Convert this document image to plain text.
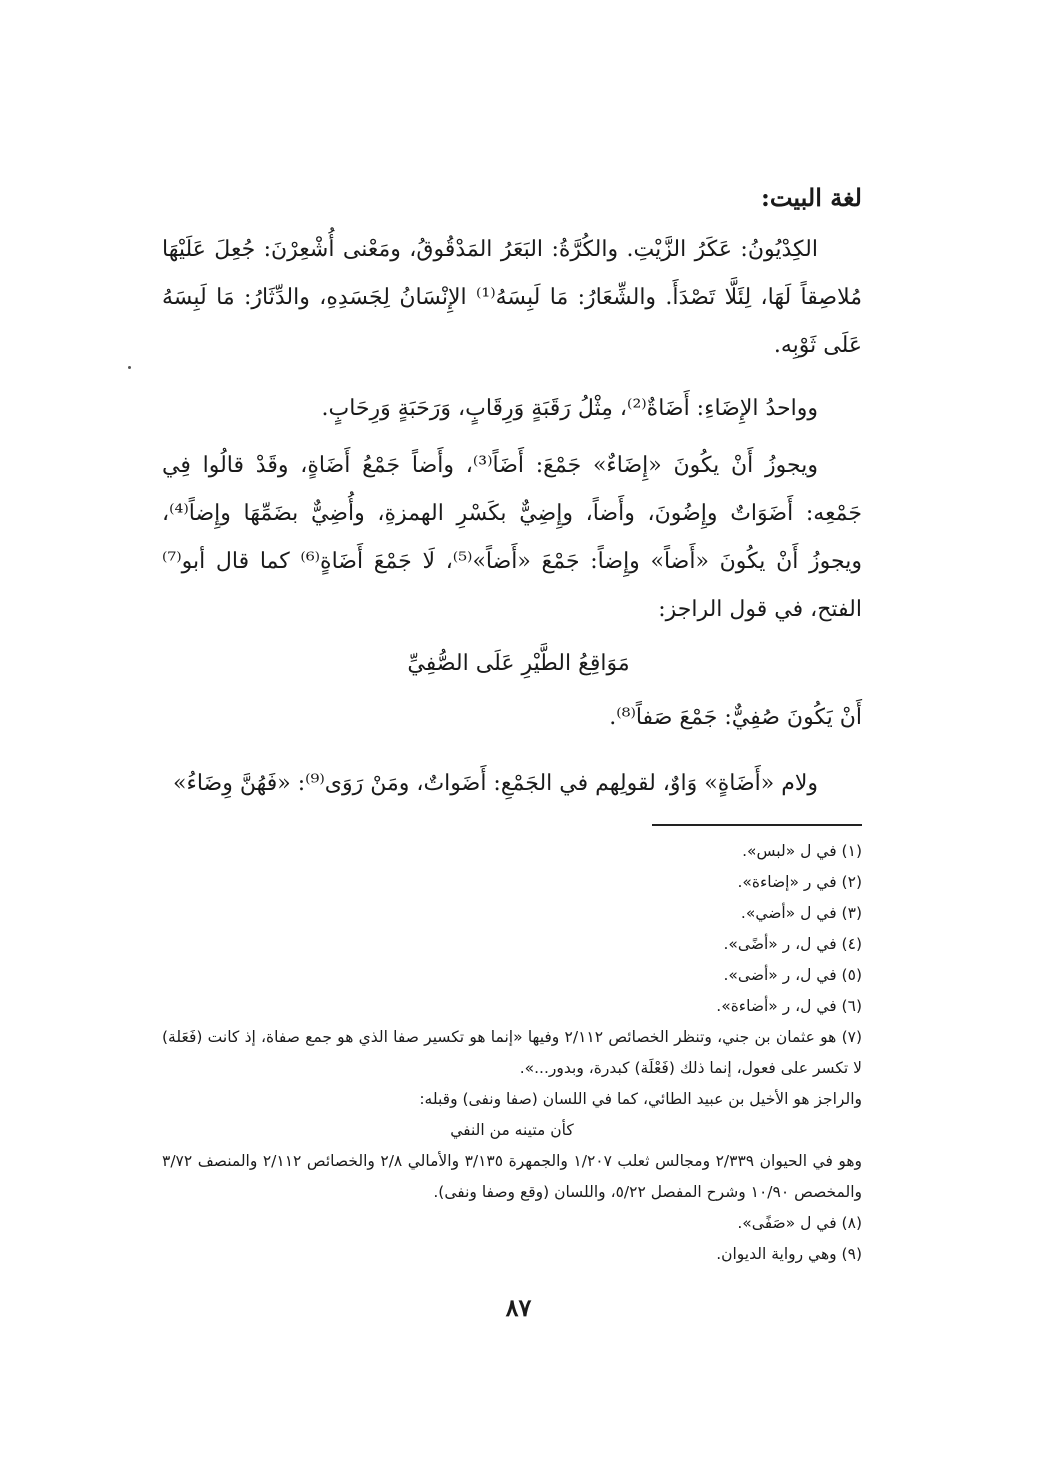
لغة البيت:

الكِدْيُونُ: عَكَرُ الزَّيْتِ. والكُرَّةُ: البَعَرُ المَدْقُوقُ، ومَعْنى أُشْعِرْنَ: جُعِلَ عَلَيْهَا مُلاصِقاً لَهَا، لِئَلَّا تَصْدَأَ. والشِّعَارُ: مَا لَبِسَهُ⁽¹⁾ الإِنْسَانُ لِجَسَدِهِ، والدِّثَارُ: مَا لَبِسَهُ عَلَى ثَوْبِه.

وواحدُ الإِضَاءِ: أَضَاةٌ⁽²⁾، مِثْلُ رَقَبَةٍ وَرِقَابٍ، وَرَحَبَةٍ وَرِحَابٍ.

ويجوزُ أَنْ يكُونَ «إِضَاءٌ» جَمْعَ: أَضَاً⁽³⁾، وأَضاً جَمْعُ أَضَاةٍ، وقَدْ قالُوا فِي جَمْعِه: أَضَوَاتٌ وإِضُونَ، وأَضاً، وإِضِيٌّ بكَسْرِ الهمزةِ، وأُضِيٌّ بضَمِّهَا وإِضاً⁽⁴⁾، ويجوزُ أَنْ يكُونَ «أَضاً» وإِضاً: جَمْعَ «أَضاً»⁽⁵⁾، لَا جَمْعَ أَضَاةٍ⁽⁶⁾ كما قال أبو⁽⁷⁾ الفتح، في قول الراجز:

مَوَاقِعُ الطَّيْرِ عَلَى الصُّفِيِّ

أَنْ يَكُونَ صُفِيٌّ: جَمْعَ صَفاً⁽⁸⁾.

ولام «أَضَاةٍ» وَاوٌ، لقولِهم في الجَمْعِ: أَضَواتٌ، ومَنْ رَوَى⁽⁹⁾: «فَهُنَّ وِضَاءُ»

(١) في ل «لبس».
(٢) في ر «إضاءة».
(٣) في ل «أضي».
(٤) في ل، ر «أضًى».
(٥) في ل، ر «أضى».
(٦) في ل، ر «أضاءة».
(٧) هو عثمان بن جني، وتنظر الخصائص ٢/١١٢ وفيها «إنما هو تكسير صفا الذي هو جمع صفاة، إذ كانت (فَعَلة) لا تكسر على فعول، إنما ذلك (فَعْلَة) كبدرة، وبدور...».
والراجز هو الأخيل بن عبيد الطائي، كما في اللسان (صفا ونفى) وقبله:
كأن متينه من النفي
وهو في الحيوان ٢/٣٣٩ ومجالس ثعلب ١/٢٠٧ والجمهرة ٣/١٣٥ والأمالي ٢/٨ والخصائص ٢/١١٢ والمنصف ٣/٧٢ والمخصص ١٠/٩٠ وشرح المفصل ٥/٢٢، واللسان (وقع وصفا ونفى).
(٨) في ل «صَفًى».
(٩) وهي رواية الديوان.

٨٧
